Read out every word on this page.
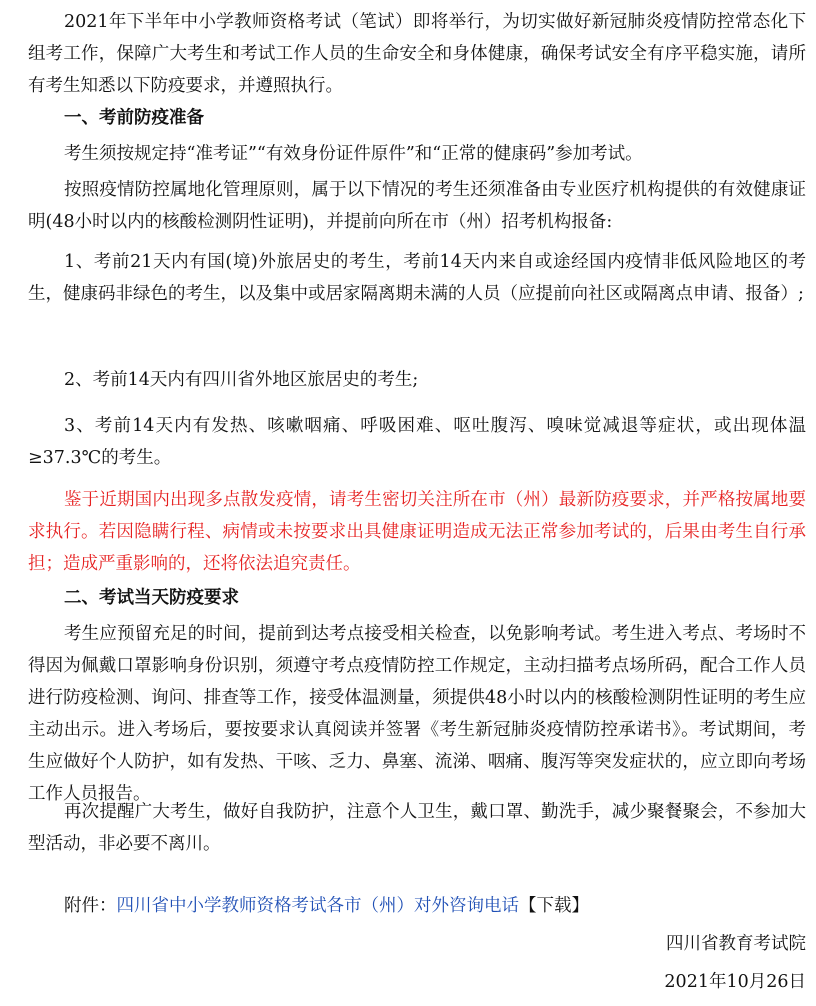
2021年下半年中小学教师资格考试（笔试）即将举行，为切实做好新冠肺炎疫情防控常态化下组考工作，保障广大考生和考试工作人员的生命安全和身体健康，确保考试安全有序平稳实施，请所有考生知悉以下防疫要求，并遵照执行。

一、考前防疫准备

考生须按规定持“准考证”“有效身份证件原件”和“正常的健康码”参加考试。

按照疫情防控属地化管理原则，属于以下情况的考生还须准备由专业医疗机构提供的有效健康证明(48小时以内的核酸检测阴性证明)，并提前向所在市（州）招考机构报备:

1、考前21天内有国(境)外旅居史的考生，考前14天内来自或途经国内疫情非低风险地区的考生，健康码非绿色的考生，以及集中或居家隔离期未满的人员（应提前向社区或隔离点申请、报备）;

2、考前14天内有四川省外地区旅居史的考生;

3、考前14天内有发热、咳嗽咽痛、呼吸困难、呕吐腹泻、嗅味觉减退等症状，或出现体温≥37.3℃的考生。

鉴于近期国内出现多点散发疫情，请考生密切关注所在市（州）最新防疫要求，并严格按属地要求执行。若因隐瞒行程、病情或未按要求出具健康证明造成无法正常参加考试的，后果由考生自行承担；造成严重影响的，还将依法追究责任。

二、考试当天防疫要求

考生应预留充足的时间，提前到达考点接受相关检查，以免影响考试。考生进入考点、考场时不得因为佩戴口罩影响身份识别，须遵守考点疫情防控工作规定，主动扫描考点场所码，配合工作人员进行防疫检测、询问、排查等工作，接受体温测量，须提供48小时以内的核酸检测阴性证明的考生应主动出示。进入考场后，要按要求认真阅读并签署《考生新冠肺炎疫情防控承诺书》。考试期间，考生应做好个人防护，如有发热、干咳、乏力、鼻塞、流涕、咽痛、腹泻等突发症状的，应立即向考场工作人员报告。

再次提醒广大考生，做好自我防护，注意个人卫生，戴口罩、勤洗手，减少聚餐聚会，不参加大型活动，非必要不离川。

附件：四川省中小学教师资格考试各市（州）对外咨询电话【下载】

四川省教育考试院

2021年10月26日
